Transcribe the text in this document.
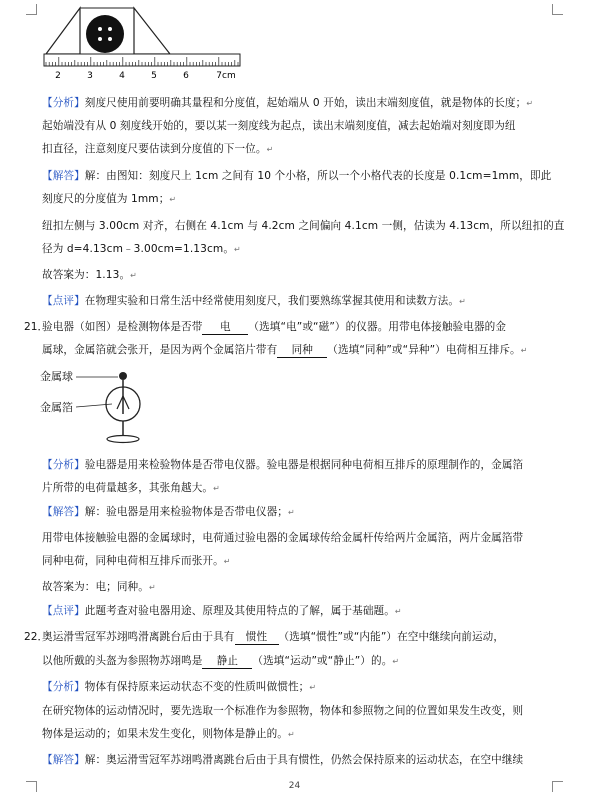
2	3	4	5	6	7cm
【分析】刻度尺使用前要明确其量程和分度值，起始端从 0 开始，读出末端刻度值，就是物体的长度；↵
起始端没有从 0 刻度线开始的，要以某一刻度线为起点，读出末端刻度值，减去起始端对刻度即为纽
扣直径，注意刻度尺要估读到分度值的下一位。↵
【解答】解：由图知：刻度尺上 1cm 之间有 10 个小格，所以一个小格代表的长度是 0.1cm=1mm，即此
刻度尺的分度值为 1mm；↵
纽扣左侧与 3.00cm 对齐，右侧在 4.1cm 与 4.2cm 之间偏向 4.1cm 一侧，估读为 4.13cm，所以纽扣的直
径为 d=4.13cm﹣3.00cm=1.13cm。↵
故答案为：1.13。↵
【点评】在物理实验和日常生活中经常使用刻度尺，我们要熟练掌握其使用和读数方法。↵
21．
验电器（如图）是检测物体是否带 电 （选填“电”或“磁”）的仪器。用带电体接触验电器的金
属球，金属箔就会张开，是因为两个金属箔片带有 同种 （选填“同种”或“异种”）电荷相互排斥。↵
金属球
金属箔
【分析】验电器是用来检验物体是否带电仪器。验电器是根据同种电荷相互排斥的原理制作的，金属箔
片所带的电荷量越多，其张角越大。↵
【解答】解：验电器是用来检验物体是否带电仪器；↵
用带电体接触验电器的金属球时，电荷通过验电器的金属球传给金属杆传给两片金属箔，两片金属箔带
同种电荷，同种电荷相互排斥而张开。↵
故答案为：电；同种。↵
【点评】此题考查对验电器用途、原理及其使用特点的了解，属于基础题。↵
22．
奥运滑雪冠军苏翊鸣滑离跳台后由于具有 惯性 （选填“惯性”或“内能”）在空中继续向前运动，
以他所戴的头盔为参照物苏翊鸣是 静止 （选填“运动”或“静止”）的。↵
【分析】物体有保持原来运动状态不变的性质叫做惯性；↵
在研究物体的运动情况时，要先选取一个标准作为参照物，物体和参照物之间的位置如果发生改变，则
物体是运动的；如果未发生变化，则物体是静止的。↵
【解答】解：奥运滑雪冠军苏翊鸣滑离跳台后由于具有惯性，仍然会保持原来的运动状态，在空中继续
24
